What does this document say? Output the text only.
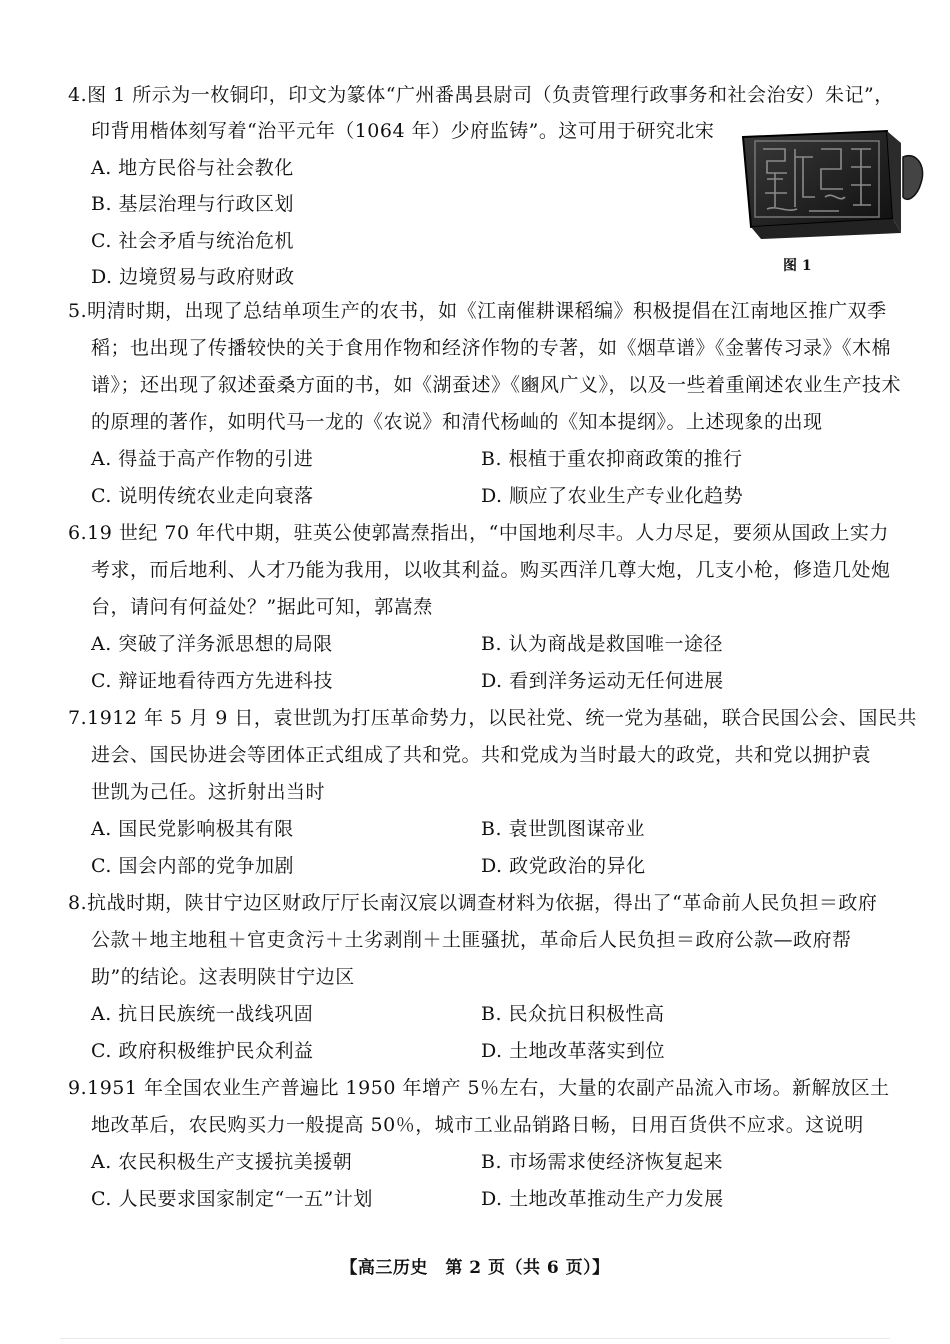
4.图 1 所示为一枚铜印，印文为篆体“广州番禺县尉司（负责管理行政事务和社会治安）朱记”，
印背用楷体刻写着“治平元年（1064 年）少府监铸”。这可用于研究北宋
A. 地方民俗与社会教化
B. 基层治理与行政区划
C. 社会矛盾与统治危机
D. 边境贸易与政府财政	图 1
5.明清时期，出现了总结单项生产的农书，如《江南催耕课稻编》积极提倡在江南地区推广双季
稻；也出现了传播较快的关于食用作物和经济作物的专著，如《烟草谱》《金薯传习录》《木棉
谱》；还出现了叙述蚕桑方面的书，如《湖蚕述》《豳风广义》，以及一些着重阐述农业生产技术
的原理的著作，如明代马一龙的《农说》和清代杨屾的《知本提纲》。上述现象的出现
A. 得益于高产作物的引进	B. 根植于重农抑商政策的推行
C. 说明传统农业走向衰落	D. 顺应了农业生产专业化趋势
6.19 世纪 70 年代中期，驻英公使郭嵩焘指出，“中国地利尽丰。人力尽足，要须从国政上实力
考求，而后地利、人才乃能为我用，以收其利益。购买西洋几尊大炮，几支小枪，修造几处炮
台，请问有何益处？”据此可知，郭嵩焘
A. 突破了洋务派思想的局限	B. 认为商战是救国唯一途径
C. 辩证地看待西方先进科技	D. 看到洋务运动无任何进展
7.1912 年 5 月 9 日，袁世凯为打压革命势力，以民社党、统一党为基础，联合民国公会、国民共
进会、国民协进会等团体正式组成了共和党。共和党成为当时最大的政党，共和党以拥护袁
世凯为己任。这折射出当时
A. 国民党影响极其有限	B. 袁世凯图谋帝业
C. 国会内部的党争加剧	D. 政党政治的异化
8.抗战时期，陕甘宁边区财政厅厅长南汉宸以调查材料为依据，得出了“革命前人民负担＝政府
公款＋地主地租＋官吏贪污＋土劣剥削＋土匪骚扰，革命后人民负担＝政府公款—政府帮
助”的结论。这表明陕甘宁边区
A. 抗日民族统一战线巩固	B. 民众抗日积极性高
C. 政府积极维护民众利益	D. 土地改革落实到位
9.1951 年全国农业生产普遍比 1950 年增产 5％左右，大量的农副产品流入市场。新解放区土
地改革后，农民购买力一般提高 50％，城市工业品销路日畅，日用百货供不应求。这说明
A. 农民积极生产支援抗美援朝	B. 市场需求使经济恢复起来
C. 人民要求国家制定“一五”计划	D. 土地改革推动生产力发展
【高三历史　第 2 页（共 6 页）】
